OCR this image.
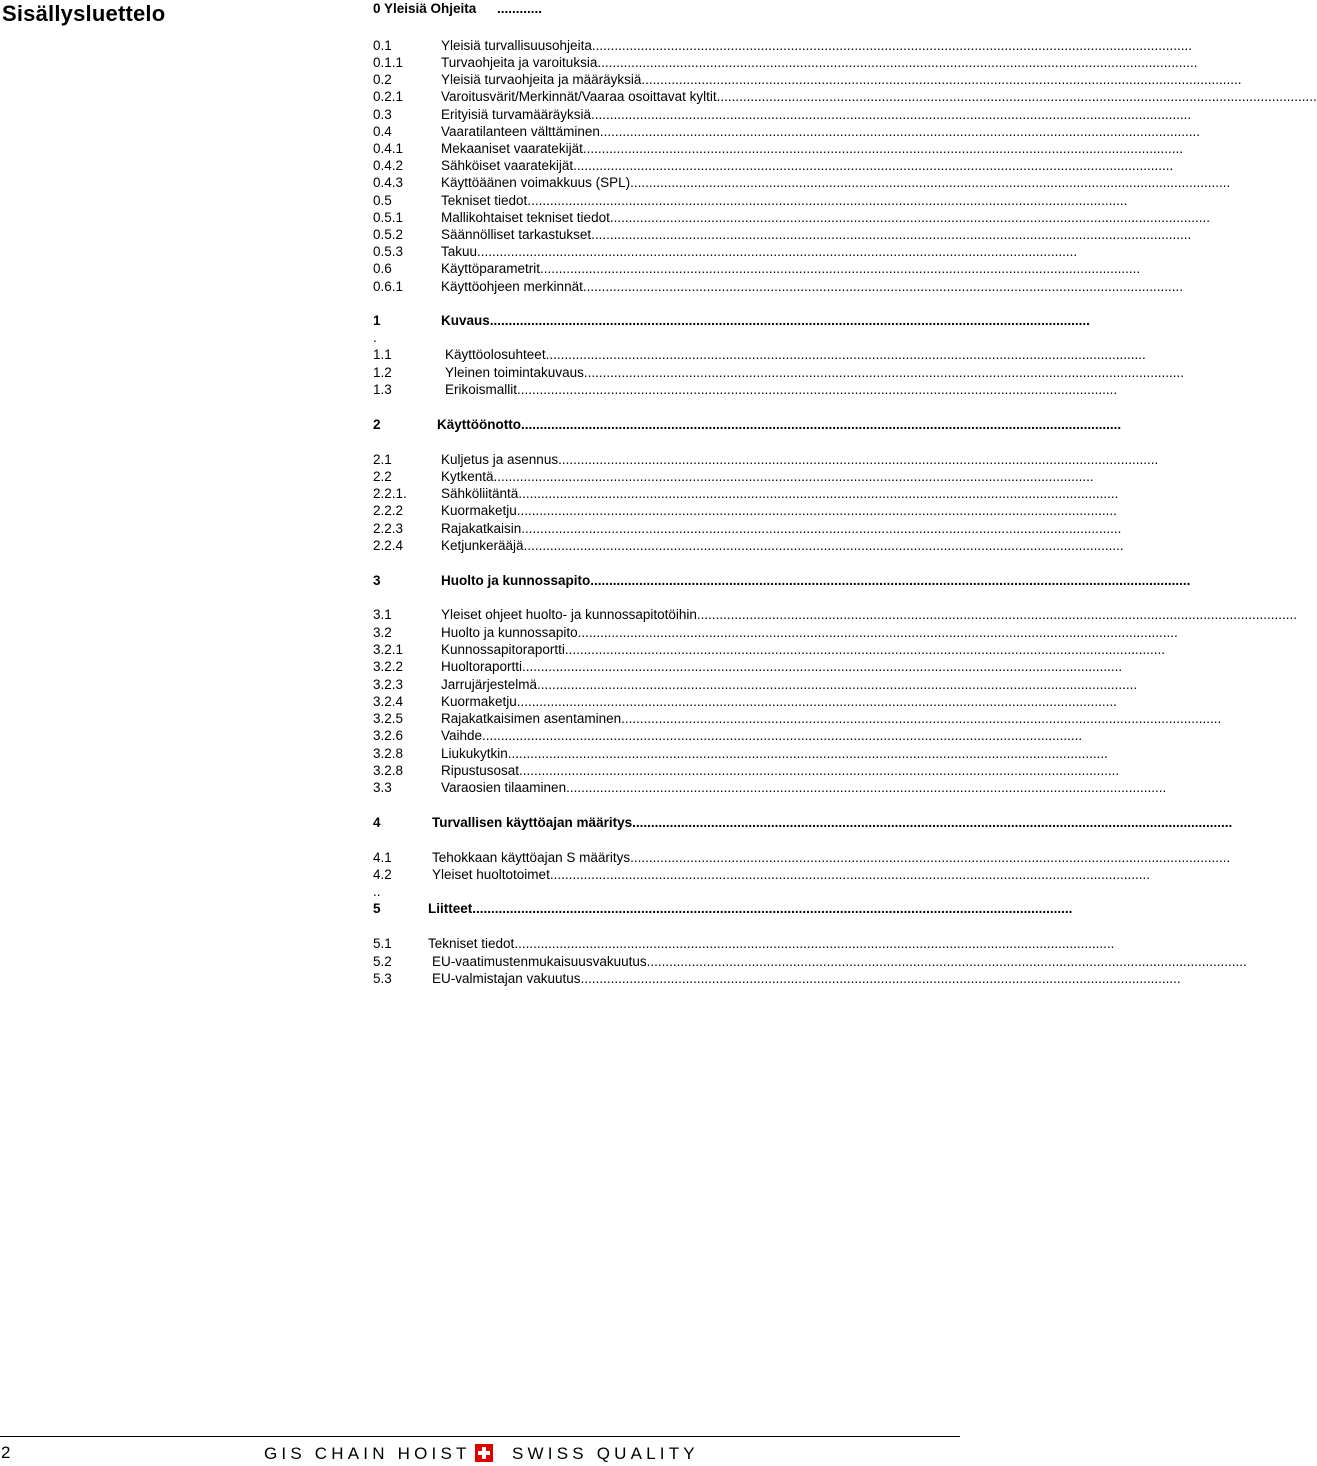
Sisällysluettelo	0 Yleisiä Ohjeita ............
0.1	Yleisiä turvallisuusohjeita................................................................................................................................................................
0.1.1	Turvaohjeita ja varoituksia................................................................................................................................................................
0.2	Yleisiä turvaohjeita ja määräyksiä................................................................................................................................................................
0.2.1	Varoitusvärit/Merkinnät/Vaaraa osoittavat kyltit................................................................................................................................................................
0.3	Erityisiä turvamääräyksiä................................................................................................................................................................
0.4	Vaaratilanteen välttäminen................................................................................................................................................................
0.4.1	Mekaaniset vaaratekijät................................................................................................................................................................
0.4.2	Sähköiset vaaratekijät................................................................................................................................................................
0.4.3	Käyttöäänen voimakkuus (SPL)................................................................................................................................................................
0.5	Tekniset tiedot................................................................................................................................................................
0.5.1	Mallikohtaiset tekniset tiedot................................................................................................................................................................
0.5.2	Säännölliset tarkastukset................................................................................................................................................................
0.5.3	Takuu................................................................................................................................................................
0.6	Käyttöparametrit................................................................................................................................................................
0.6.1	Käyttöohjeen merkinnät................................................................................................................................................................
1	Kuvaus................................................................................................................................................................
.
1.1	Käyttöolosuhteet................................................................................................................................................................
1.2	Yleinen toimintakuvaus................................................................................................................................................................
1.3	Erikoismallit................................................................................................................................................................
2	Käyttöönotto................................................................................................................................................................
2.1	Kuljetus ja asennus................................................................................................................................................................
2.2	Kytkentä................................................................................................................................................................
2.2.1.	Sähköliitäntä................................................................................................................................................................
2.2.2	Kuormaketju................................................................................................................................................................
2.2.3	Rajakatkaisin................................................................................................................................................................
2.2.4	Ketjunkerääjä................................................................................................................................................................
3	Huolto ja kunnossapito................................................................................................................................................................
3.1	Yleiset ohjeet huolto- ja kunnossapitotöihin................................................................................................................................................................
3.2	Huolto ja kunnossapito................................................................................................................................................................
3.2.1	Kunnossapitoraportti................................................................................................................................................................
3.2.2	Huoltoraportti................................................................................................................................................................
3.2.3	Jarrujärjestelmä................................................................................................................................................................
3.2.4	Kuormaketju................................................................................................................................................................
3.2.5	Rajakatkaisimen asentaminen................................................................................................................................................................
3.2.6	Vaihde................................................................................................................................................................
3.2.8	Liukukytkin................................................................................................................................................................
3.2.8	Ripustusosat................................................................................................................................................................
3.3	Varaosien tilaaminen................................................................................................................................................................
4	Turvallisen käyttöajan määritys................................................................................................................................................................
4.1	Tehokkaan käyttöajan S määritys................................................................................................................................................................
4.2	Yleiset huoltotoimet................................................................................................................................................................
..
5	Liitteet................................................................................................................................................................
5.1	Tekniset tiedot................................................................................................................................................................
5.2	EU-vaatimustenmukaisuusvakuutus................................................................................................................................................................
5.3	EU-valmistajan vakuutus................................................................................................................................................................
2	GIS CHAIN HOIST SWISS QUALITY
